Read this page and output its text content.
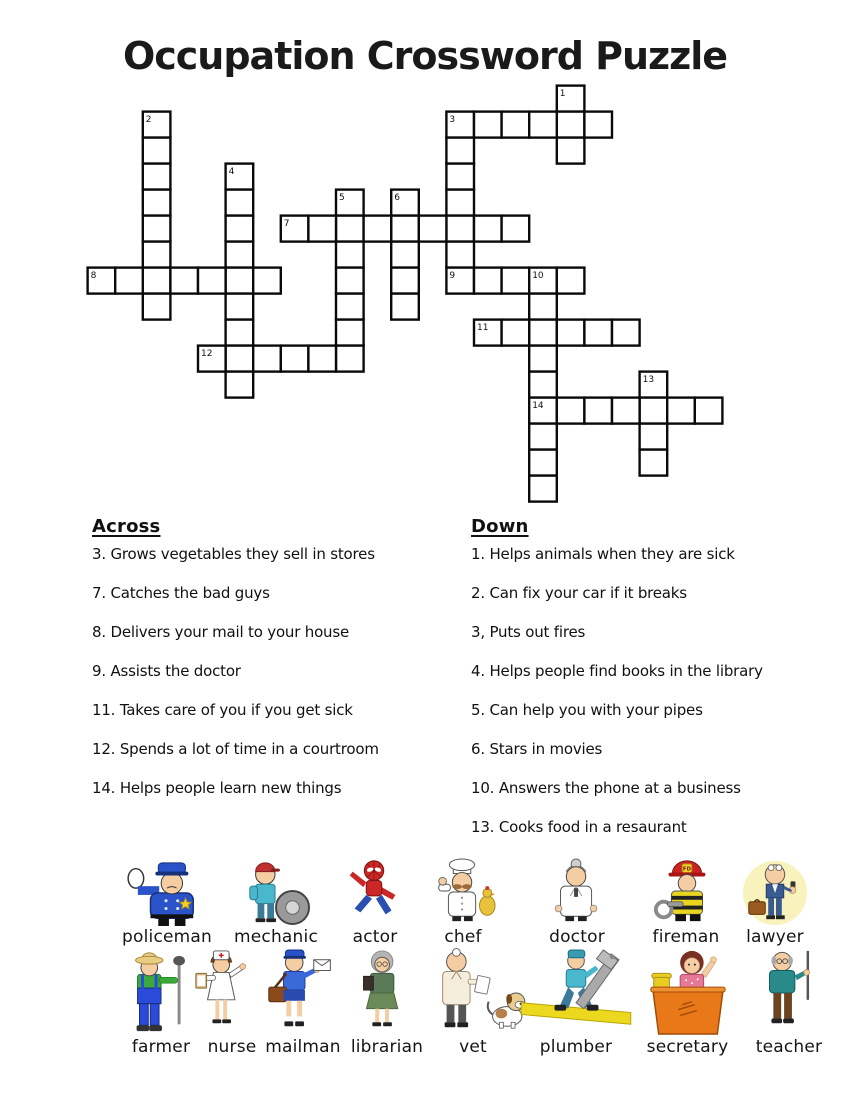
Occupation Crossword Puzzle
1
2	3
9
4
5	6
7
8	10
14
11
12
13
Across
3. Grows vegetables they sell in stores
7. Catches the bad guys
8. Delivers your mail to your house
9. Assists the doctor
11. Takes care of you if you get sick
12. Spends a lot of time in a courtroom
14. Helps people learn new things
Down
1. Helps animals when they are sick
2. Can fix your car if it breaks
3, Puts out fires
4. Helps people find books in the library
5. Can help you with your pipes
6. Stars in movies
10. Answers the phone at a business
13. Cooks food in a resaurant
policeman mechanic actor	chef	doctor
FD
fireman lawyer
farmer nurse mailman librarian vet	plumber secretary teacher
